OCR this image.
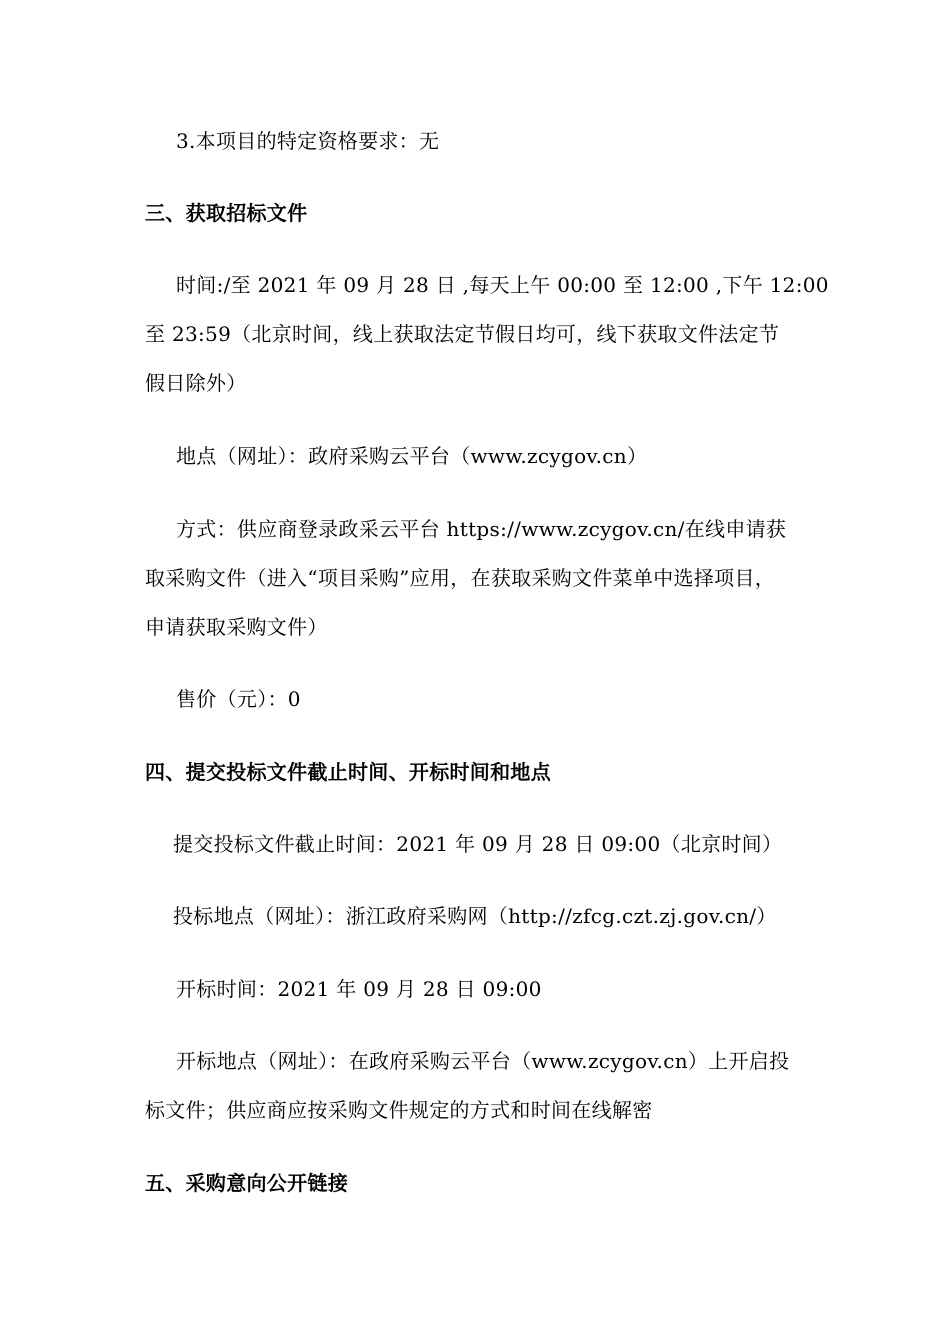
3.本项目的特定资格要求：无
三、获取招标文件
时间:/至 2021 年 09 月 28 日 ,每天上午 00:00 至 12:00 ,下午 12:00
至 23:59（北京时间，线上获取法定节假日均可，线下获取文件法定节
假日除外）
地点（网址）：政府采购云平台（www.zcygov.cn）
方式：供应商登录政采云平台 https://www.zcygov.cn/在线申请获
取采购文件（进入“项目采购”应用，在获取采购文件菜单中选择项目，
申请获取采购文件）
售价（元）：0
四、提交投标文件截止时间、开标时间和地点
提交投标文件截止时间：2021 年 09 月 28 日 09:00（北京时间）
投标地点（网址）：浙江政府采购网（http://zfcg.czt.zj.gov.cn/）
开标时间：2021 年 09 月 28 日 09:00
开标地点（网址）：在政府采购云平台（www.zcygov.cn）上开启投
标文件；供应商应按采购文件规定的方式和时间在线解密
五、采购意向公开链接
